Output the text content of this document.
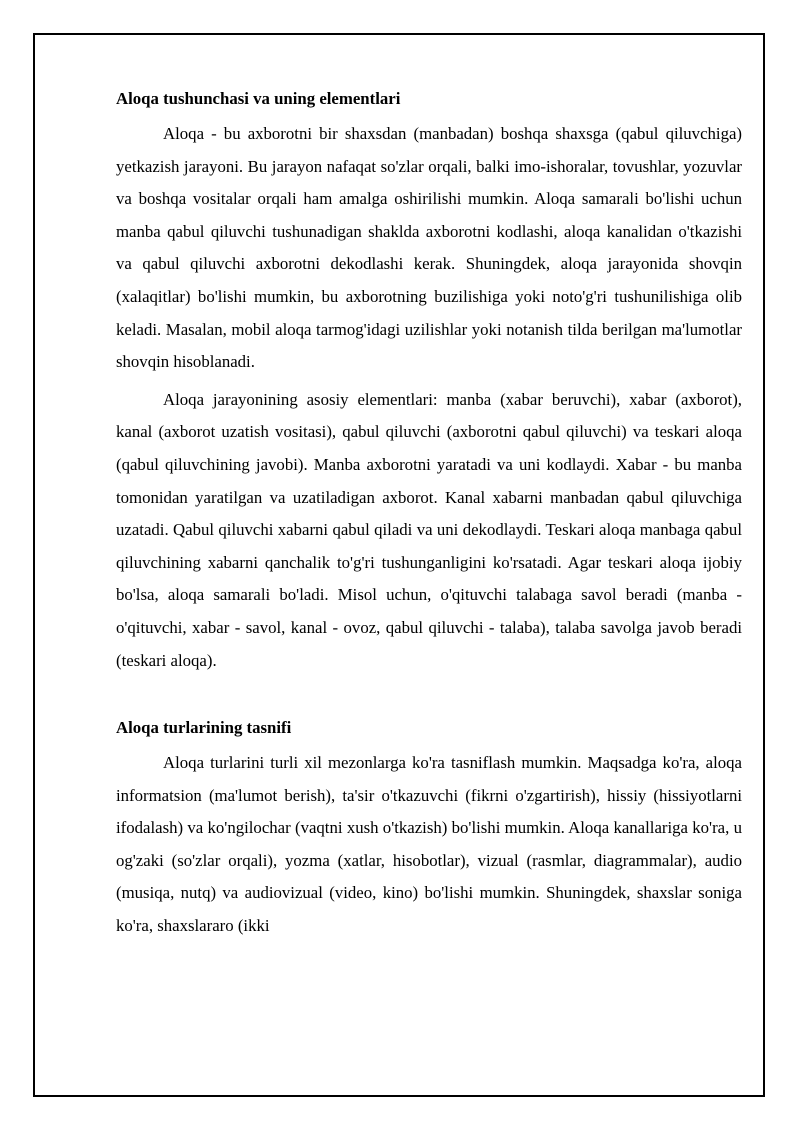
Aloqa tushunchasi va uning elementlari

Aloqa - bu axborotni bir shaxsdan (manbadan) boshqa shaxsga (qabul qiluvchiga) yetkazish jarayoni. Bu jarayon nafaqat so'zlar orqali, balki imo-ishoralar, tovushlar, yozuvlar va boshqa vositalar orqali ham amalga oshirilishi mumkin. Aloqa samarali bo'lishi uchun manba qabul qiluvchi tushunadigan shaklda axborotni kodlashi, aloqa kanalidan o'tkazishi va qabul qiluvchi axborotni dekodlashi kerak. Shuningdek, aloqa jarayonida shovqin (xalaqitlar) bo'lishi mumkin, bu axborotning buzilishiga yoki noto'g'ri tushunilishiga olib keladi. Masalan, mobil aloqa tarmog'idagi uzilishlar yoki notanish tilda berilgan ma'lumotlar shovqin hisoblanadi.

Aloqa jarayonining asosiy elementlari: manba (xabar beruvchi), xabar (axborot), kanal (axborot uzatish vositasi), qabul qiluvchi (axborotni qabul qiluvchi) va teskari aloqa (qabul qiluvchining javobi). Manba axborotni yaratadi va uni kodlaydi. Xabar - bu manba tomonidan yaratilgan va uzatiladigan axborot. Kanal xabarni manbadan qabul qiluvchiga uzatadi. Qabul qiluvchi xabarni qabul qiladi va uni dekodlaydi. Teskari aloqa manbaga qabul qiluvchining xabarni qanchalik to'g'ri tushunganligini ko'rsatadi. Agar teskari aloqa ijobiy bo'lsa, aloqa samarali bo'ladi. Misol uchun, o'qituvchi talabaga savol beradi (manba - o'qituvchi, xabar - savol, kanal - ovoz, qabul qiluvchi - talaba), talaba savolga javob beradi (teskari aloqa).

Aloqa turlarining tasnifi

Aloqa turlarini turli xil mezonlarga ko'ra tasniflash mumkin. Maqsadga ko'ra, aloqa informatsion (ma'lumot berish), ta'sir o'tkazuvchi (fikrni o'zgartirish), hissiy (hissiyotlarni ifodalash) va ko'ngilochar (vaqtni xush o'tkazish) bo'lishi mumkin. Aloqa kanallariga ko'ra, u og'zaki (so'zlar orqali), yozma (xatlar, hisobotlar), vizual (rasmlar, diagrammalar), audio (musiqa, nutq) va audiovizual (video, kino) bo'lishi mumkin. Shuningdek, shaxslar soniga ko'ra, shaxslararo (ikki
